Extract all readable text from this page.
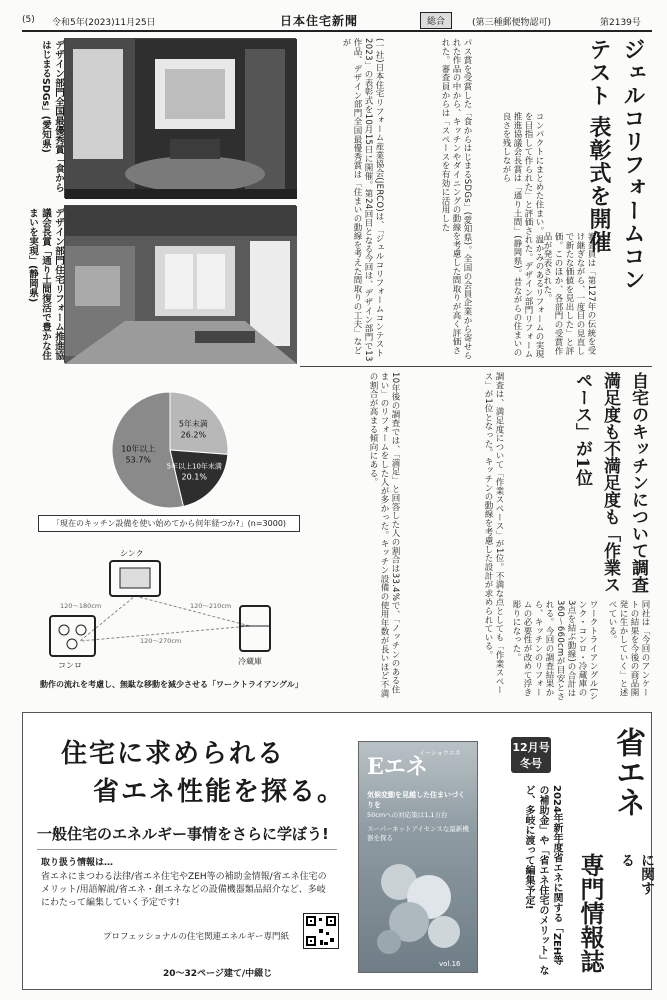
(5) 令和5年(2023)11月25日	日本住宅新聞	総合	(第三種郵便物認可)	第2139号
デザイン部門全国最優秀賞「食からはじまるSDGs」(愛知県)
デザイン部門住宅リフォーム推進協議会長賞「通り土間復活で豊かな住まいを実現」(静岡県)	(一社)日本住宅リフォーム産業協会(JERCO)は、「ジェルコリフォームコンテスト2023」の表彰式を10月15日に開催。第24回目となる今回は、デザイン部門で13作品、デザイン部門全国最優秀賞は「住まいの動線を考えた間取りの工夫」などが	パス賞を受賞した「食からはじまるSDGs」(愛知県)。全国の会員企業から寄せられた作品の中から、キッチンやダイニングの動線を考慮した間取りが高く評価された。審査員からは「スペースを有効に活用した	コンパクトにまとめた住まい。温かみのあるリフォームの実現を目指して作られた」と評価された。デザイン部門リフォーム推進協議会長賞は「通り土間」(静岡県)。昔ながらの住まいの良さを残しながら
審査員は「第127年の伝統を受け継ぎながら、一度目の見直しで新たな価値を見出した」と評価。このほか、各部門の受賞作品が発表された。	ジェルコリフォームコンテスト 表彰式を開催
5年未満
26.2%
5年以上10年未満
20.1%
10年以上
53.7%
「現在のキッチン設備を使い始めてから何年経つか?」(n=3000)
シンク
コンロ	冷蔵庫
120〜180cm	120〜210cm
120〜270cm
動作の流れを考慮し、無駄な移動を減少させる「ワークトライアングル」	10年後の調査では、「満足」と回答した人の割合は33.4%で、「ノッチンのある住まい」のリフォームをした人が多かった。キッチン設備の使用年数が長いほど不満の割合が高まる傾向にある。	調査は、満足度について「作業スペース」が1位。不満な点としても「作業スペース」が1位となった。キッチンの動線を考慮した設計が求められている。	ワークトライアングル(シンク・コンロ・冷蔵庫の3点を結ぶ動線)の合計は360〜660cmが目安とされる。今回の調査結果から、キッチンのリフォームの必要性が改めて浮き彫りになった。	同社は「今回のアンケートの結果を今後の商品開発に生かしていく」と述べている。
自宅のキッチンについて調査 満足度も不満足度も「作業スペース」が1位
住宅に求められる
省エネ性能を探る。
一般住宅のエネルギー事情をさらに学ぼう!
取り扱う情報は…
省エネにまつわる法律/省エネ住宅やZEH等の補助金情報/省エネ住宅のメリット/用語解説/省エネ・創エネなどの設備機器類品紹介など、多岐にわたって編集していく予定です!
プロフェッショナルの住宅関連エネルギー専門紙
20〜32ページ建て/中綴じ
Eエネ
イーショウエネ
気候変動を見越した住まいづくりを
50cmへの対応策は1,1万台
スーパーネットアイセンスな最新機器を探る
vol.16
12月号
冬号
2024年新年度省エネに関する「ZEH等の補助金」や「省エネ住宅のメリット」など、多岐に渡って編集予定!
省エネ
に関する
専門情報誌
